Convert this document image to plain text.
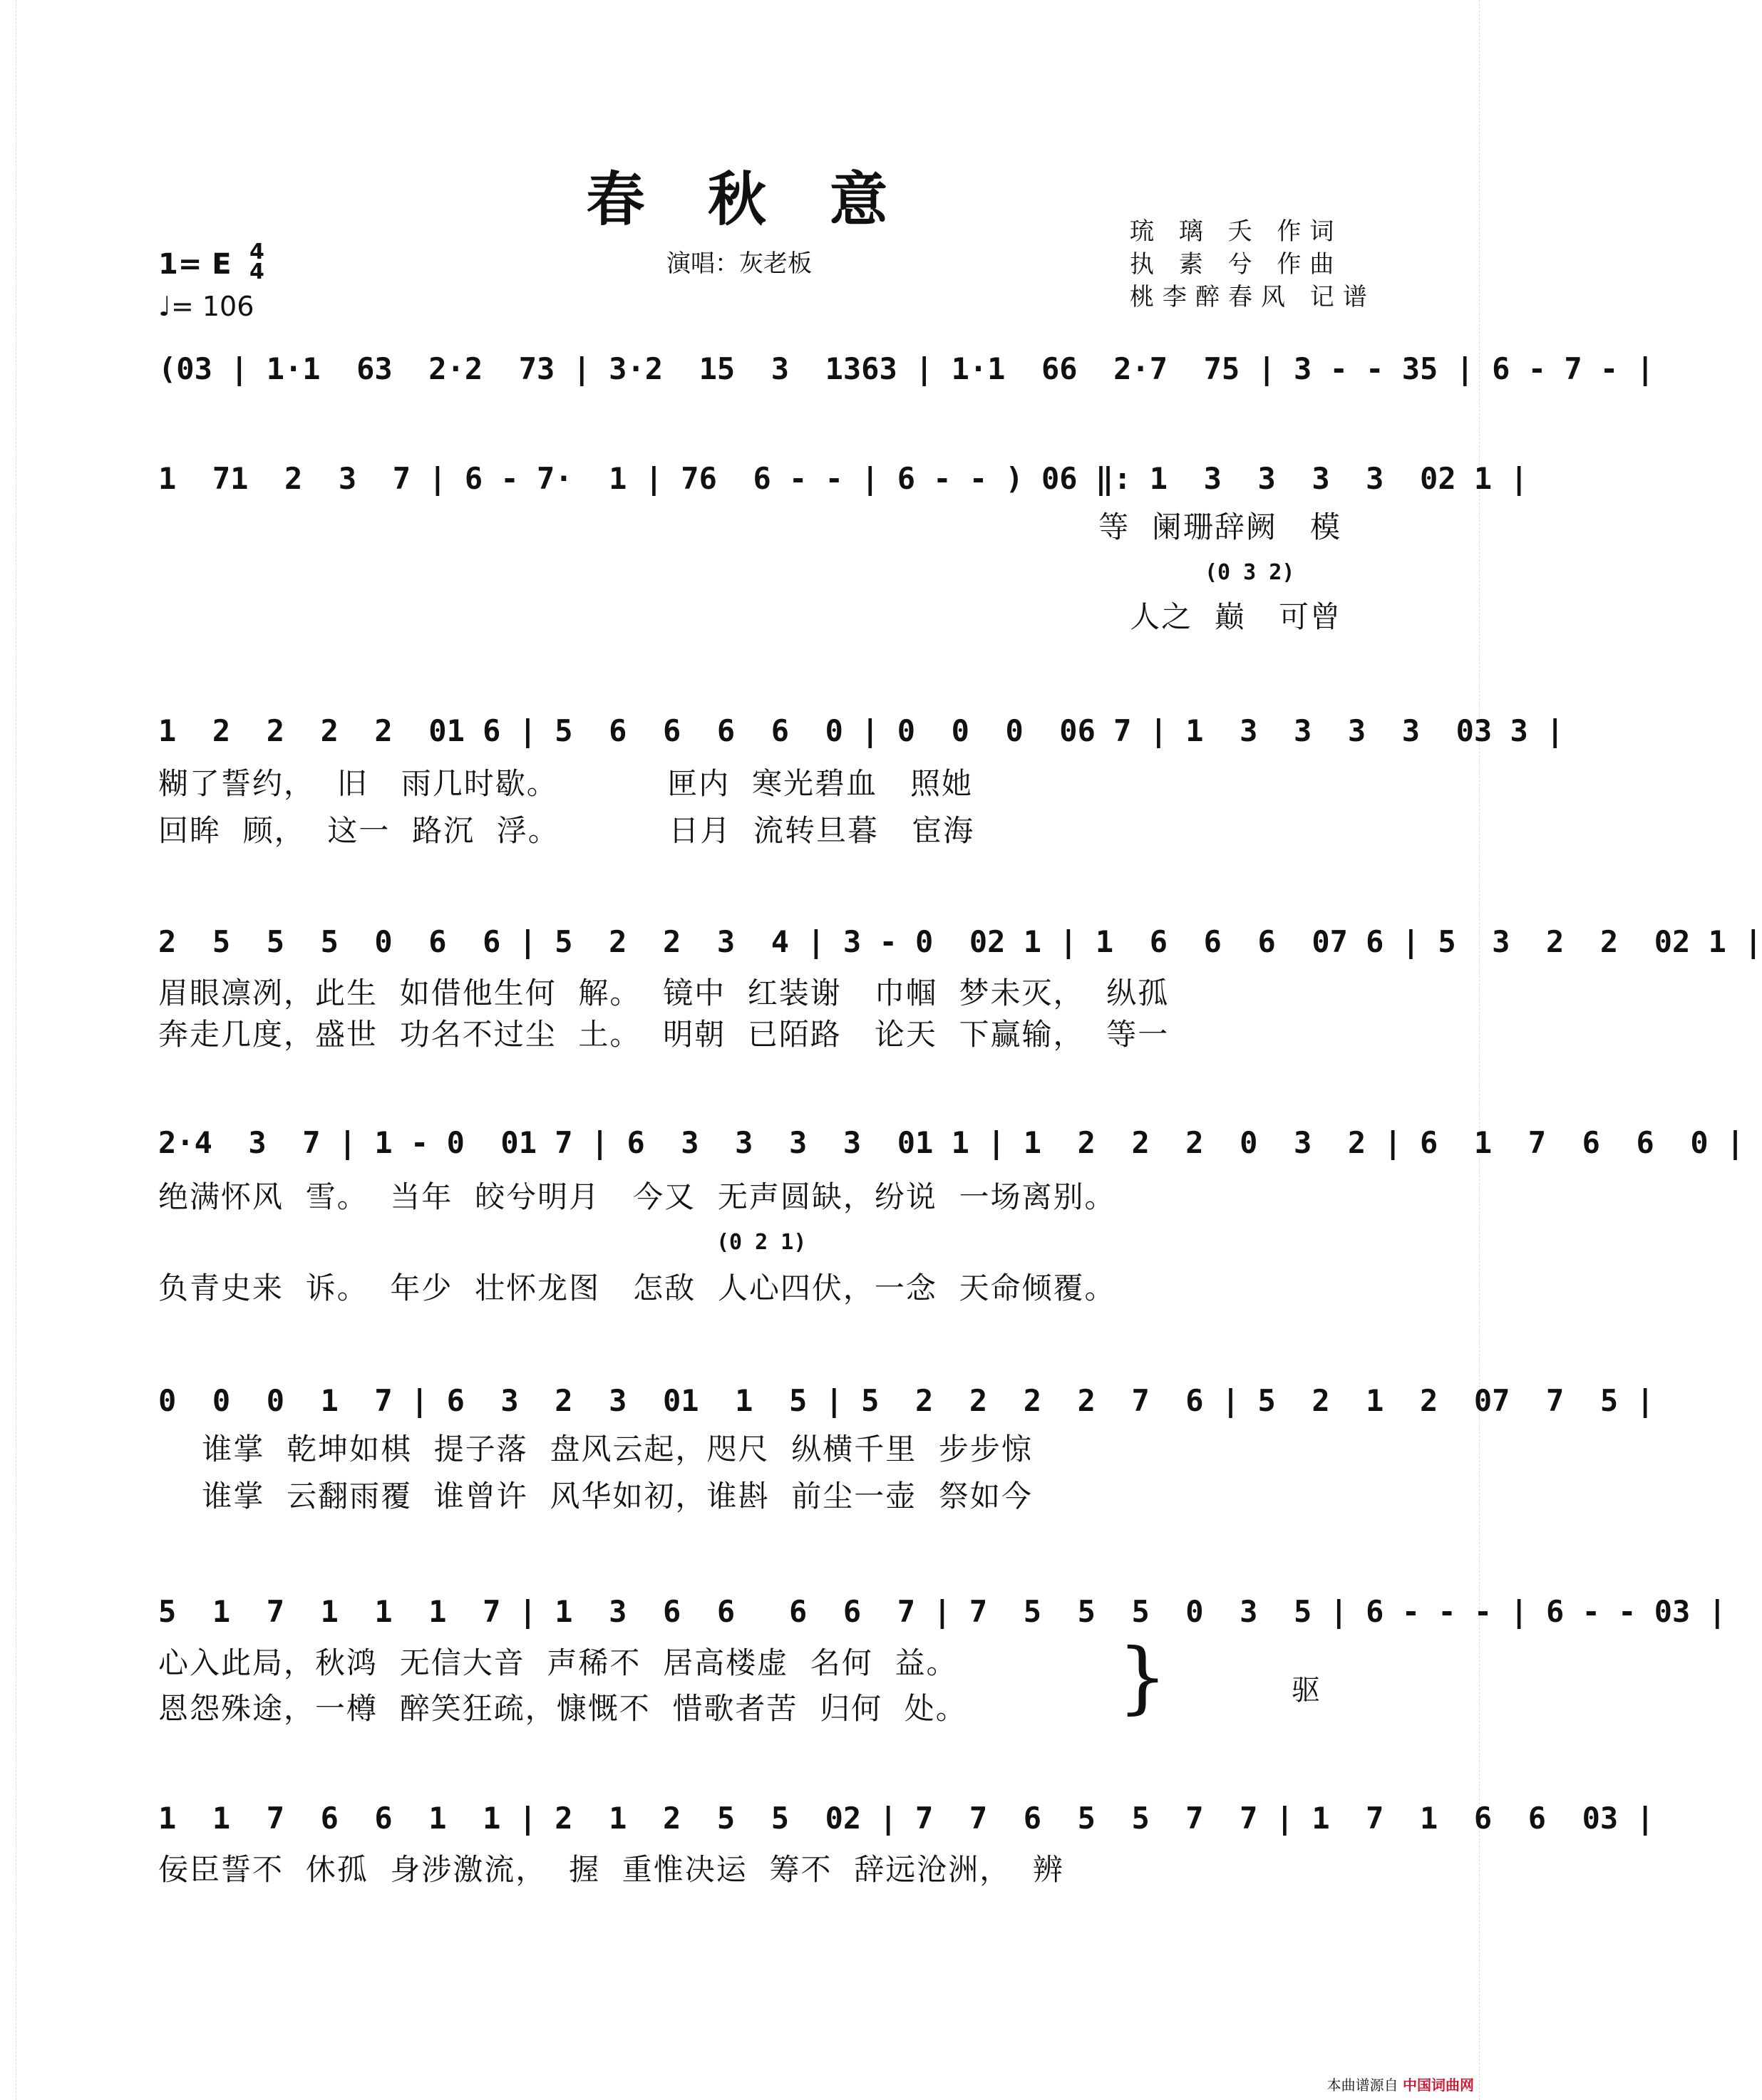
春 秋 意
演唱：灰老板
琉 璃 夭 作词
执 素 兮 作曲
桃李醉春风 记谱
1= E 4
4
♩= 106
(03 | 1·1  63  2·2  73 | 3·2  15  3  1363 | 1·1  66  2·7  75 | 3 - - 35 | 6 - 7 - |
1  71  2  3  7 | 6 - 7·  1 | 76  6 - - | 6 - - ) 06 ‖: 1  3  3  3  3  02 1 |
等  阑珊辞阙   模
(0 3 2)
人之  巅   可曾
1  2  2  2  2  01 6 | 5  6  6  6  6  0 | 0  0  0  06 7 | 1  3  3  3  3  03 3 |
糊了誓约，  旧   雨几时歇。          匣内  寒光碧血   照她
回眸  顾，  这一  路沉  浮。          日月  流转旦暮   宦海
2  5  5  5  0  6  6 | 5  2  2  3  4 | 3 - 0  02 1 | 1  6  6  6  07 6 | 5  3  2  2  02 1 |
眉眼凛冽，此生  如借他生何  解。  镜中  红装谢   巾帼  梦未灭，  纵孤
奔走几度，盛世  功名不过尘  土。  明朝  已陌路   论天  下赢输，  等一
2·4  3  7 | 1 - 0  01 7 | 6  3  3  3  3  01 1 | 1  2  2  2  0  3  2 | 6  1  7  6  6  0 |
绝满怀风  雪。  当年  皎兮明月   今又  无声圆缺，纷说  一场离别。
(0 2 1)
负青史来  诉。  年少  壮怀龙图   怎敌  人心四伏，一念  天命倾覆。
0  0  0  1  7 | 6  3  2  3  01  1  5 | 5  2  2  2  2  7  6 | 5  2  1  2  07  7  5 |
谁掌  乾坤如棋  提子落  盘风云起，咫尺  纵横千里  步步惊
谁掌  云翻雨覆  谁曾许  风华如初，谁斟  前尘一壶  祭如今
5  1  7  1  1  1  7 | 1  3  6  6   6  6  7 | 7  5  5  5  0  3  5 | 6 - - - | 6 - - 03 |
心入此局，秋鸿  无信大音  声稀不  居高楼虚  名何  益。
恩怨殊途，一樽  醉笑狂疏，慷慨不  惜歌者苦  归何  处。	}	驱
1  1  7  6  6  1  1 | 2  1  2  5  5  02 | 7  7  6  5  5  7  7 | 1  7  1  6  6  03 |
佞臣誓不  休孤  身涉激流，  握  重惟决运  筹不  辞远沧洲，  辨
本曲谱源自 中国词曲网
